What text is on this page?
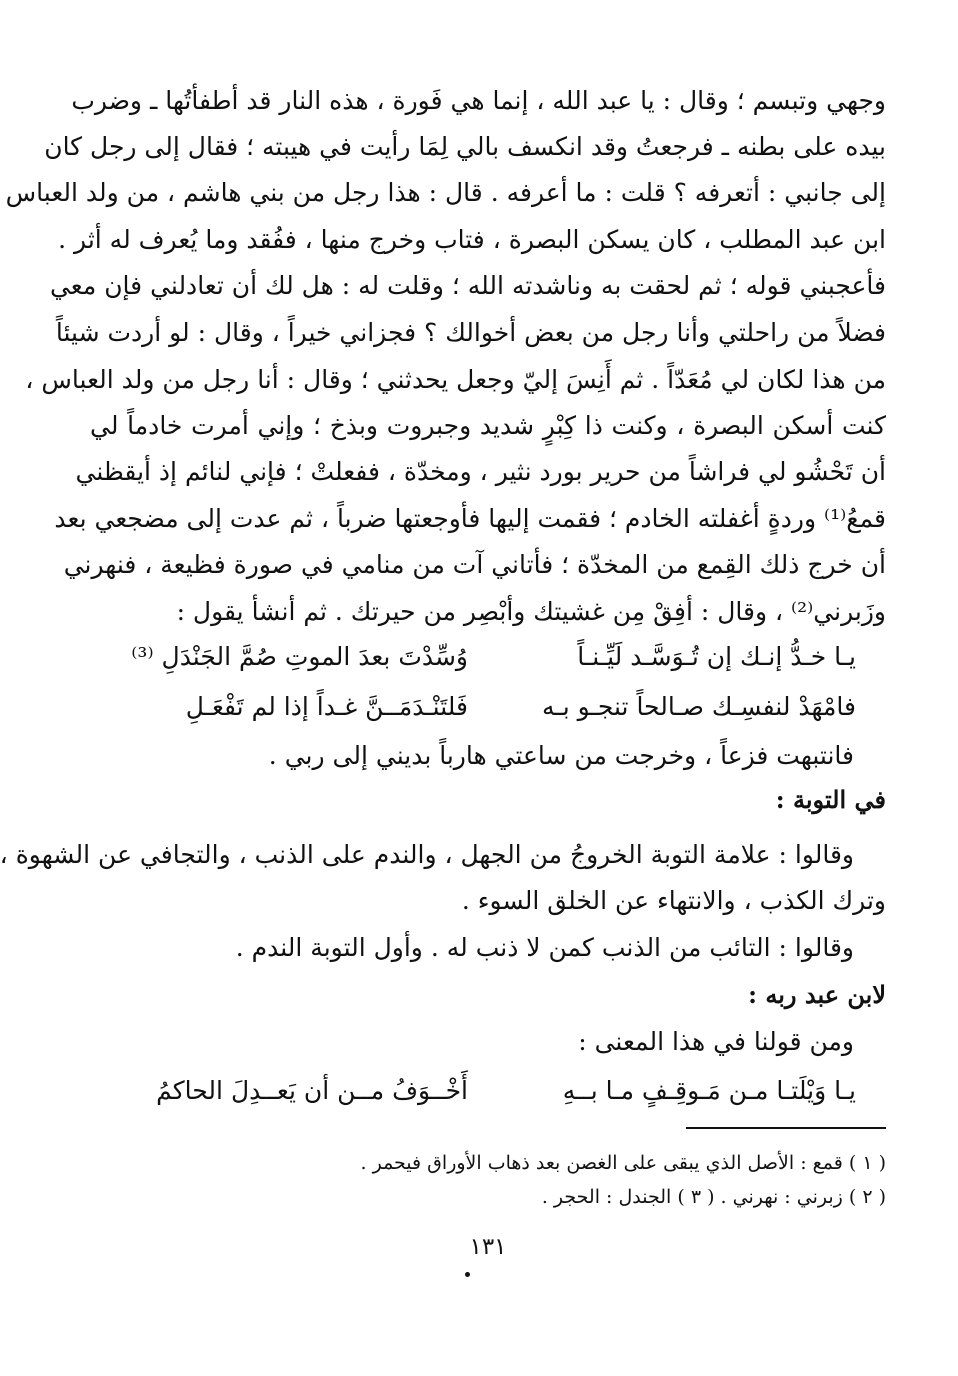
وجهي وتبسم ؛ وقال : يا عبد الله ، إنما هي فَورة ، هذه النار قد أطفأتُها ـ وضرب
بيده على بطنه ـ فرجعتُ وقد انكسف بالي لِمَا رأيت في هيبته ؛ فقال إلى رجل كان
إلى جانبي : أتعرفه ؟ قلت : ما أعرفه . قال : هذا رجل من بني هاشم ، من ولد العباس
ابن عبد المطلب ، كان يسكن البصرة ، فتاب وخرج منها ، ففُقد وما يُعرف له أثر .
فأعجبني قوله ؛ ثم لحقت به وناشدته الله ؛ وقلت له : هل لك أن تعادلني فإن معي
فضلاً من راحلتي وأنا رجل من بعض أخوالك ؟ فجزاني خيراً ، وقال : لو أردت شيئاً
من هذا لكان لي مُعَدّاً . ثم أَنِسَ إليّ وجعل يحدثني ؛ وقال : أنا رجل من ولد العباس ،
كنت أسكن البصرة ، وكنت ذا كِبْرٍ شديد وجبروت وبذخ ؛ وإني أمرت خادماً لي
أن تَحْشُو لي فراشاً من حرير بورد نثير ، ومخدّة ، ففعلتْ ؛ فإني لنائم إذ أيقظني
قمعُ⁽¹⁾ وردةٍ أغفلته الخادم ؛ فقمت إليها فأوجعتها ضرباً ، ثم عدت إلى مضجعي بعد
أن خرج ذلك القِمع من المخدّة ؛ فأتاني آت من منامي في صورة فظيعة ، فنهرني
وزَبرني⁽²⁾ ، وقال : أفِقْ مِن غشيتك وأبْصِر من حيرتك . ثم أنشأ يقول :
يـا خـدُّ إنـك إن تُـوَسَّـد لَيِّـنـاً
وُسِّدْتَ بعدَ الموتِ صُمَّ الجَنْدَلِ ⁽³⁾
فامْهَدْ لنفسِـك صـالحاً تنجـو بـه
فَلتَنْـدَمَــنَّ غـداً إذا لم تَفْعَـلِ
فانتبهت فزعاً ، وخرجت من ساعتي هارباً بديني إلى ربي .
في التوبة :
وقالوا : علامة التوبة الخروجُ من الجهل ، والندم على الذنب ، والتجافي عن الشهوة ،
وترك الكذب ، والانتهاء عن الخلق السوء .
وقالوا : التائب من الذنب كمن لا ذنب له . وأول التوبة الندم .
لابن عبد ربه :
ومن قولنا في هذا المعنى :
يـا وَيْلَتـا مـن مَـوقِـفٍ مـا بــهِ
أَخْــوَفُ مــن أن يَعــدِلَ الحاكمُ
( ١ ) قمع : الأصل الذي يبقى على الغصن بعد ذهاب الأوراق فيحمر .
( ٢ ) زبرني : نهرني . ( ٣ ) الجندل : الحجر .
١٣١
